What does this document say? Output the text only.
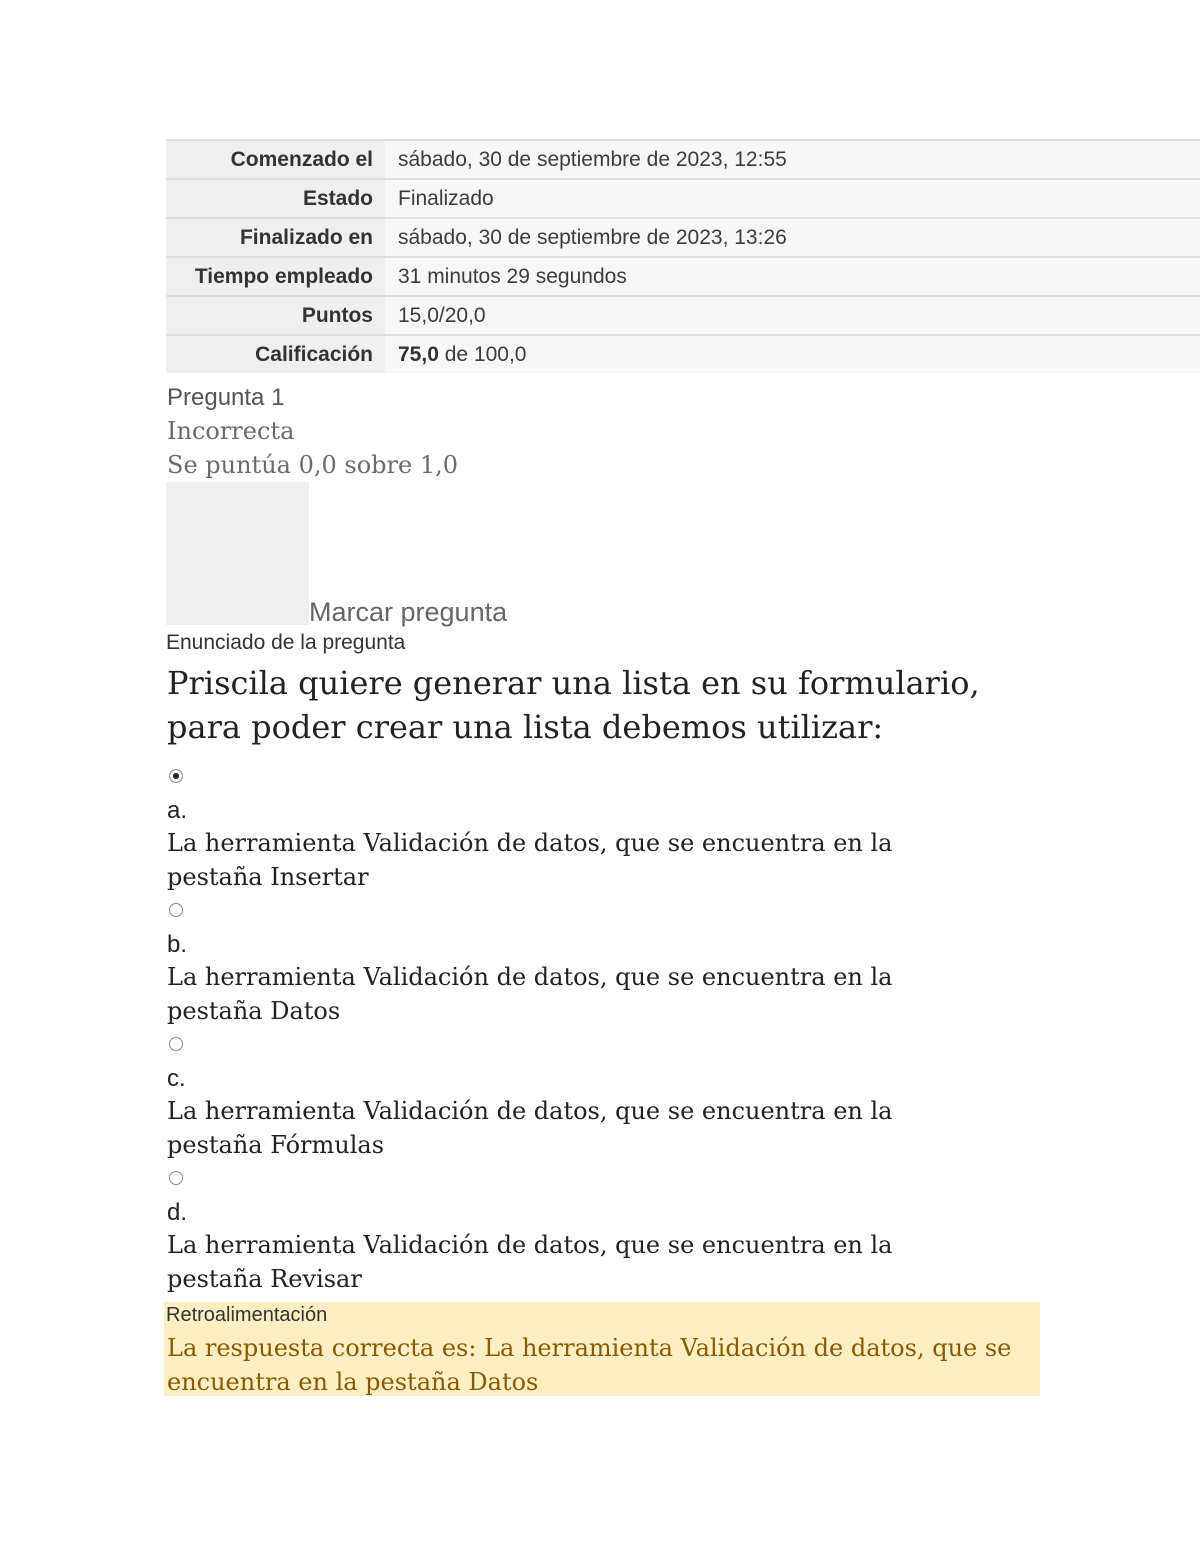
Comenzado el	sábado, 30 de septiembre de 2023, 12:55
Estado	Finalizado
Finalizado en	sábado, 30 de septiembre de 2023, 13:26
Tiempo empleado	31 minutos 29 segundos
Puntos	15,0/20,0
Calificación	75,0 de 100,0
Pregunta 1
Incorrecta
Se puntúa 0,0 sobre 1,0
Marcar pregunta
Enunciado de la pregunta
Priscila quiere generar una lista en su formulario, para poder crear una lista debemos utilizar:
a.
La herramienta Validación de datos, que se encuentra en la pestaña Insertar
b.
La herramienta Validación de datos, que se encuentra en la pestaña Datos
c.
La herramienta Validación de datos, que se encuentra en la pestaña Fórmulas
d.
La herramienta Validación de datos, que se encuentra en la pestaña Revisar
Retroalimentación
La respuesta correcta es: La herramienta Validación de datos, que se encuentra en la pestaña Datos
